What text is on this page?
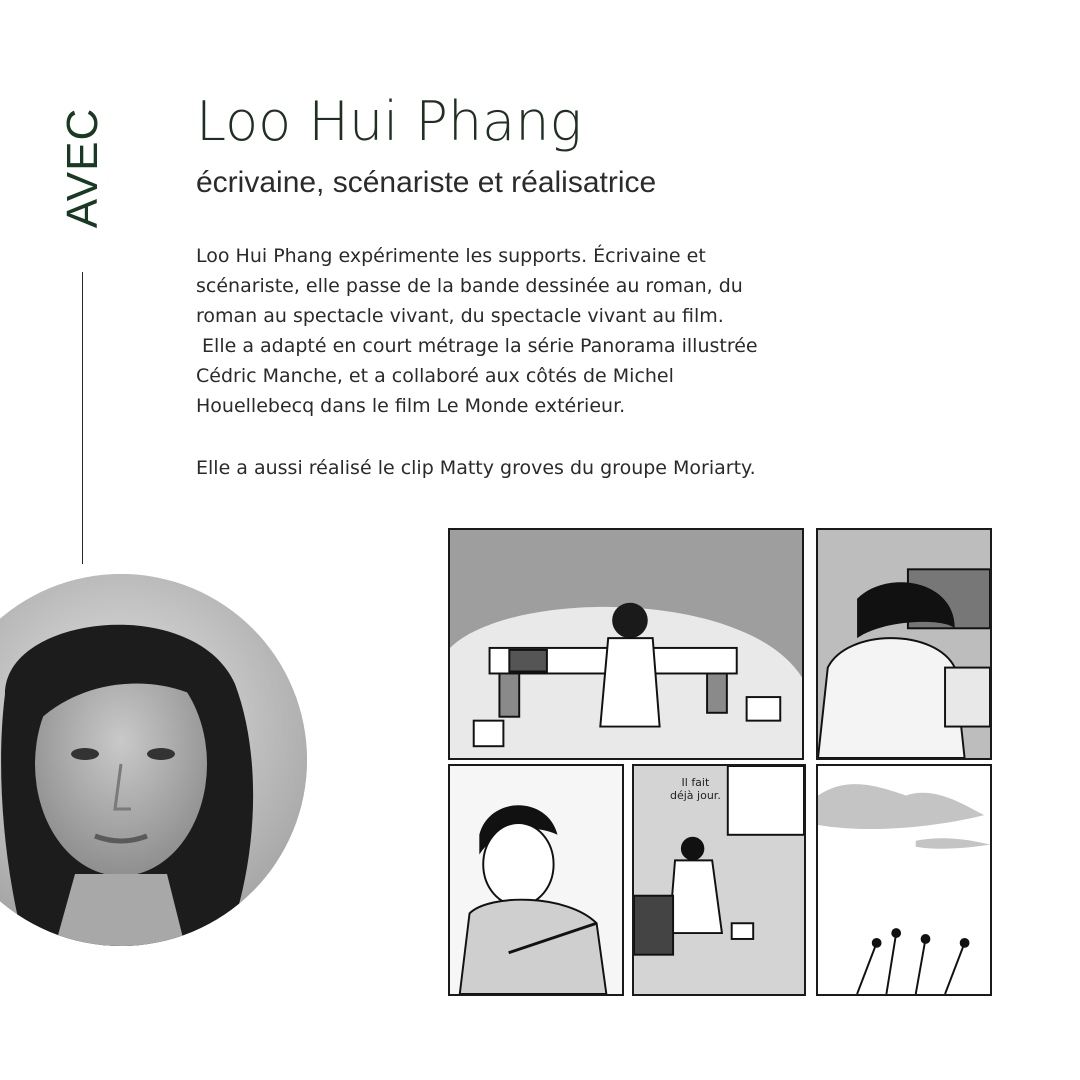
AVEC Loo Hui Phang

écrivaine, scénariste et réalisatrice

Loo Hui Phang expérimente les supports. Écrivaine et

scénariste, elle passe de la bande dessinée au roman, du

roman au spectacle vivant, du spectacle vivant au film.

Elle a adapté en court métrage la série Panorama illustrée

Cédric Manche, et a collaboré aux côtés de Michel

Houellebecq dans le film Le Monde extérieur.

Elle a aussi réalisé le clip Matty groves du groupe Moriarty.

Il fait
déjà jour.
